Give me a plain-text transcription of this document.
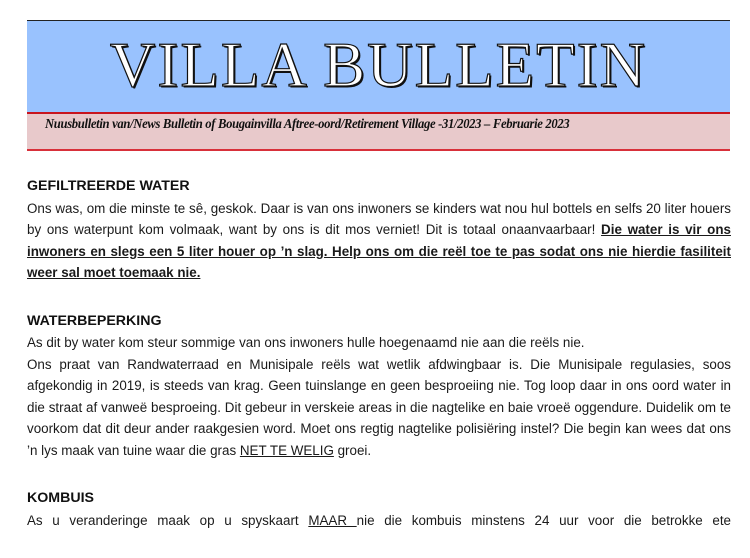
VILLA BULLETIN
Nuusbulletin van/News Bulletin of Bougainvilla Aftree-oord/Retirement Village -31/2023 – Februarie 2023
GEFILTREERDE WATER

Ons was, om die minste te sê, geskok. Daar is van ons inwoners se kinders wat nou hul bottels en selfs 20 liter houers by ons waterpunt kom volmaak, want by ons is dit mos verniet! Dit is totaal onaanvaarbaar! Die water is vir ons inwoners en slegs een 5 liter houer op ’n slag. Help ons om die reël toe te pas sodat ons nie hierdie fasiliteit weer sal moet toemaak nie.

WATERBEPERKING

As dit by water kom steur sommige van ons inwoners hulle hoegenaamd nie aan die reëls nie.

Ons praat van Randwaterraad en Munisipale reëls wat wetlik afdwingbaar is. Die Munisipale regulasies, soos afgekondig in 2019, is steeds van krag. Geen tuinslange en geen besproeiing nie. Tog loop daar in ons oord water in die straat af vanweë besproeing. Dit gebeur in verskeie areas in die nagtelike en baie vroeë oggendure. Duidelik om te voorkom dat dit deur ander raakgesien word. Moet ons regtig nagtelike polisiëring instel? Die begin kan wees dat ons ’n lys maak van tuine waar die gras NET TE WELIG groei.

KOMBUIS

As u veranderinge maak op u spyskaart MAAR nie die kombuis minstens 24 uur voor die betrokke ete
